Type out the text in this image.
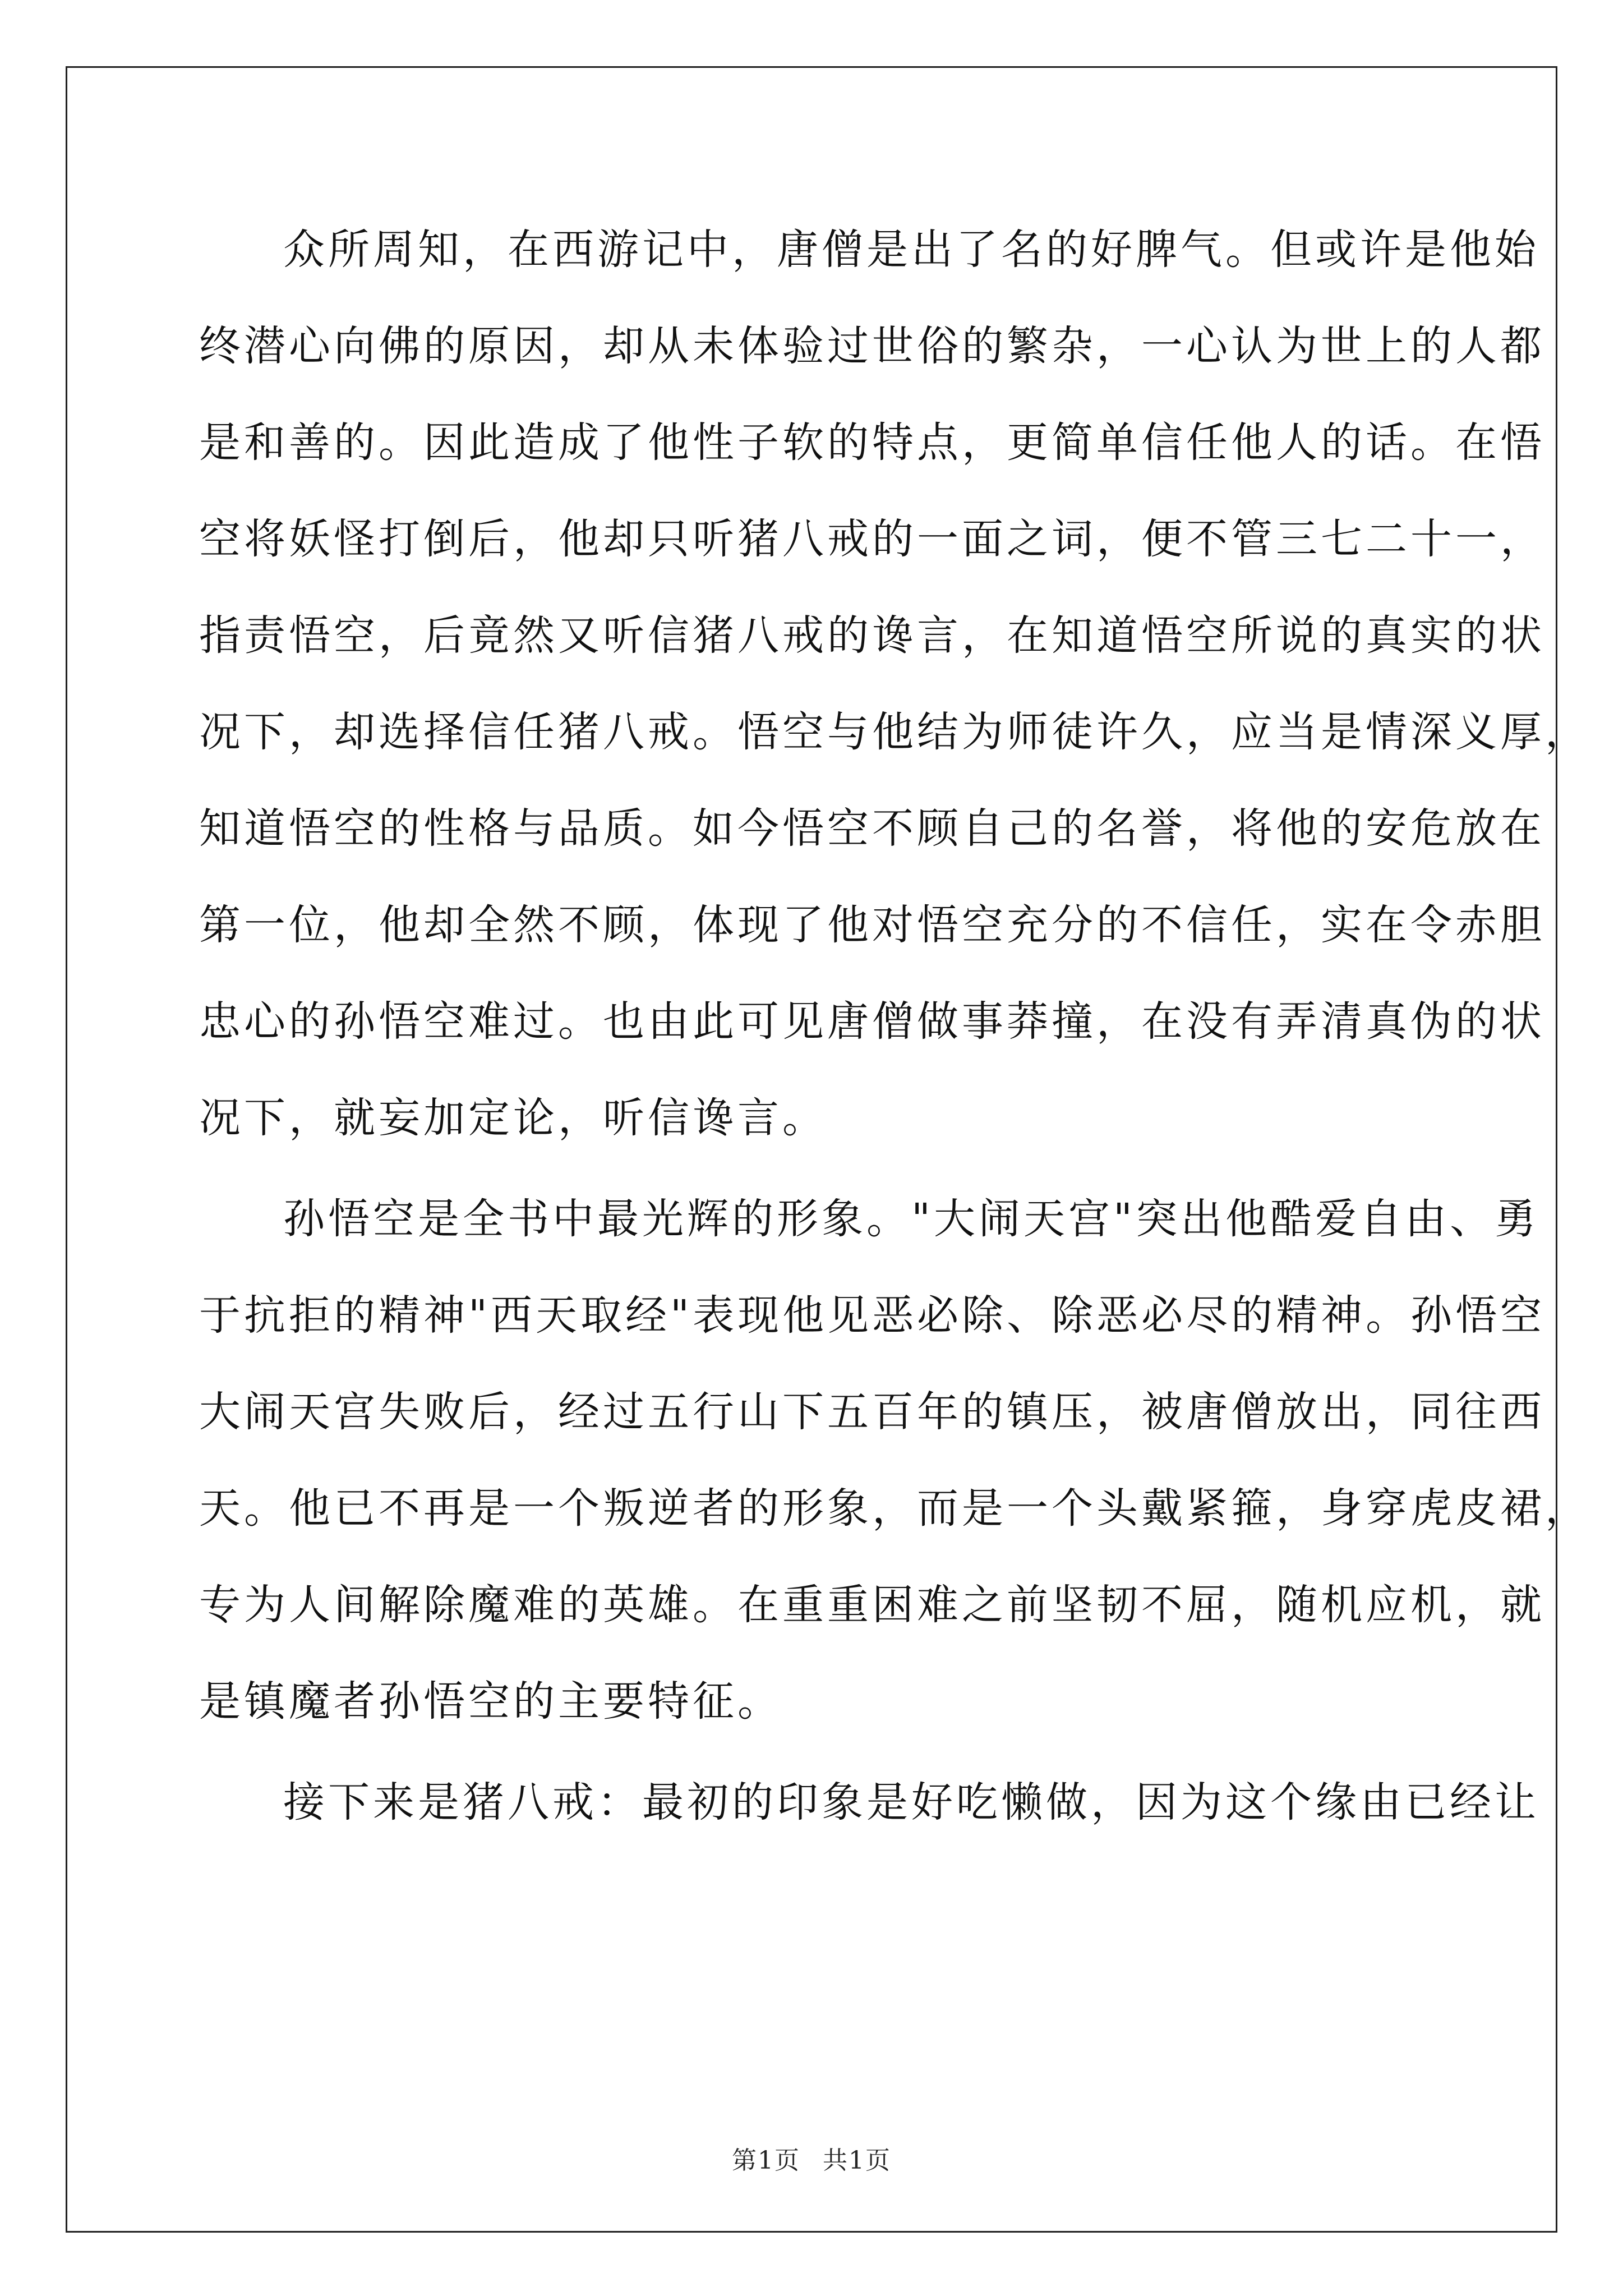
众所周知，在西游记中，唐僧是出了名的好脾气。但或许是他始
终潜心向佛的原因，却从未体验过世俗的繁杂，一心认为世上的人都
是和善的。因此造成了他性子软的特点，更简单信任他人的话。在悟
空将妖怪打倒后，他却只听猪八戒的一面之词，便不管三七二十一，
指责悟空，后竟然又听信猪八戒的谗言，在知道悟空所说的真实的状
况下，却选择信任猪八戒。悟空与他结为师徒许久，应当是情深义厚，
知道悟空的性格与品质。如今悟空不顾自己的名誉，将他的安危放在
第一位，他却全然不顾，体现了他对悟空充分的不信任，实在令赤胆
忠心的孙悟空难过。也由此可见唐僧做事莽撞，在没有弄清真伪的状
况下，就妄加定论，听信谗言。
孙悟空是全书中最光辉的形象。"大闹天宫"突出他酷爱自由、勇
于抗拒的精神"西天取经"表现他见恶必除、除恶必尽的精神。孙悟空
大闹天宫失败后，经过五行山下五百年的镇压，被唐僧放出，同往西
天。他已不再是一个叛逆者的形象，而是一个头戴紧箍，身穿虎皮裙，
专为人间解除魔难的英雄。在重重困难之前坚韧不屈，随机应机，就
是镇魔者孙悟空的主要特征。
接下来是猪八戒：最初的印象是好吃懒做，因为这个缘由已经让
第1页 共1页
